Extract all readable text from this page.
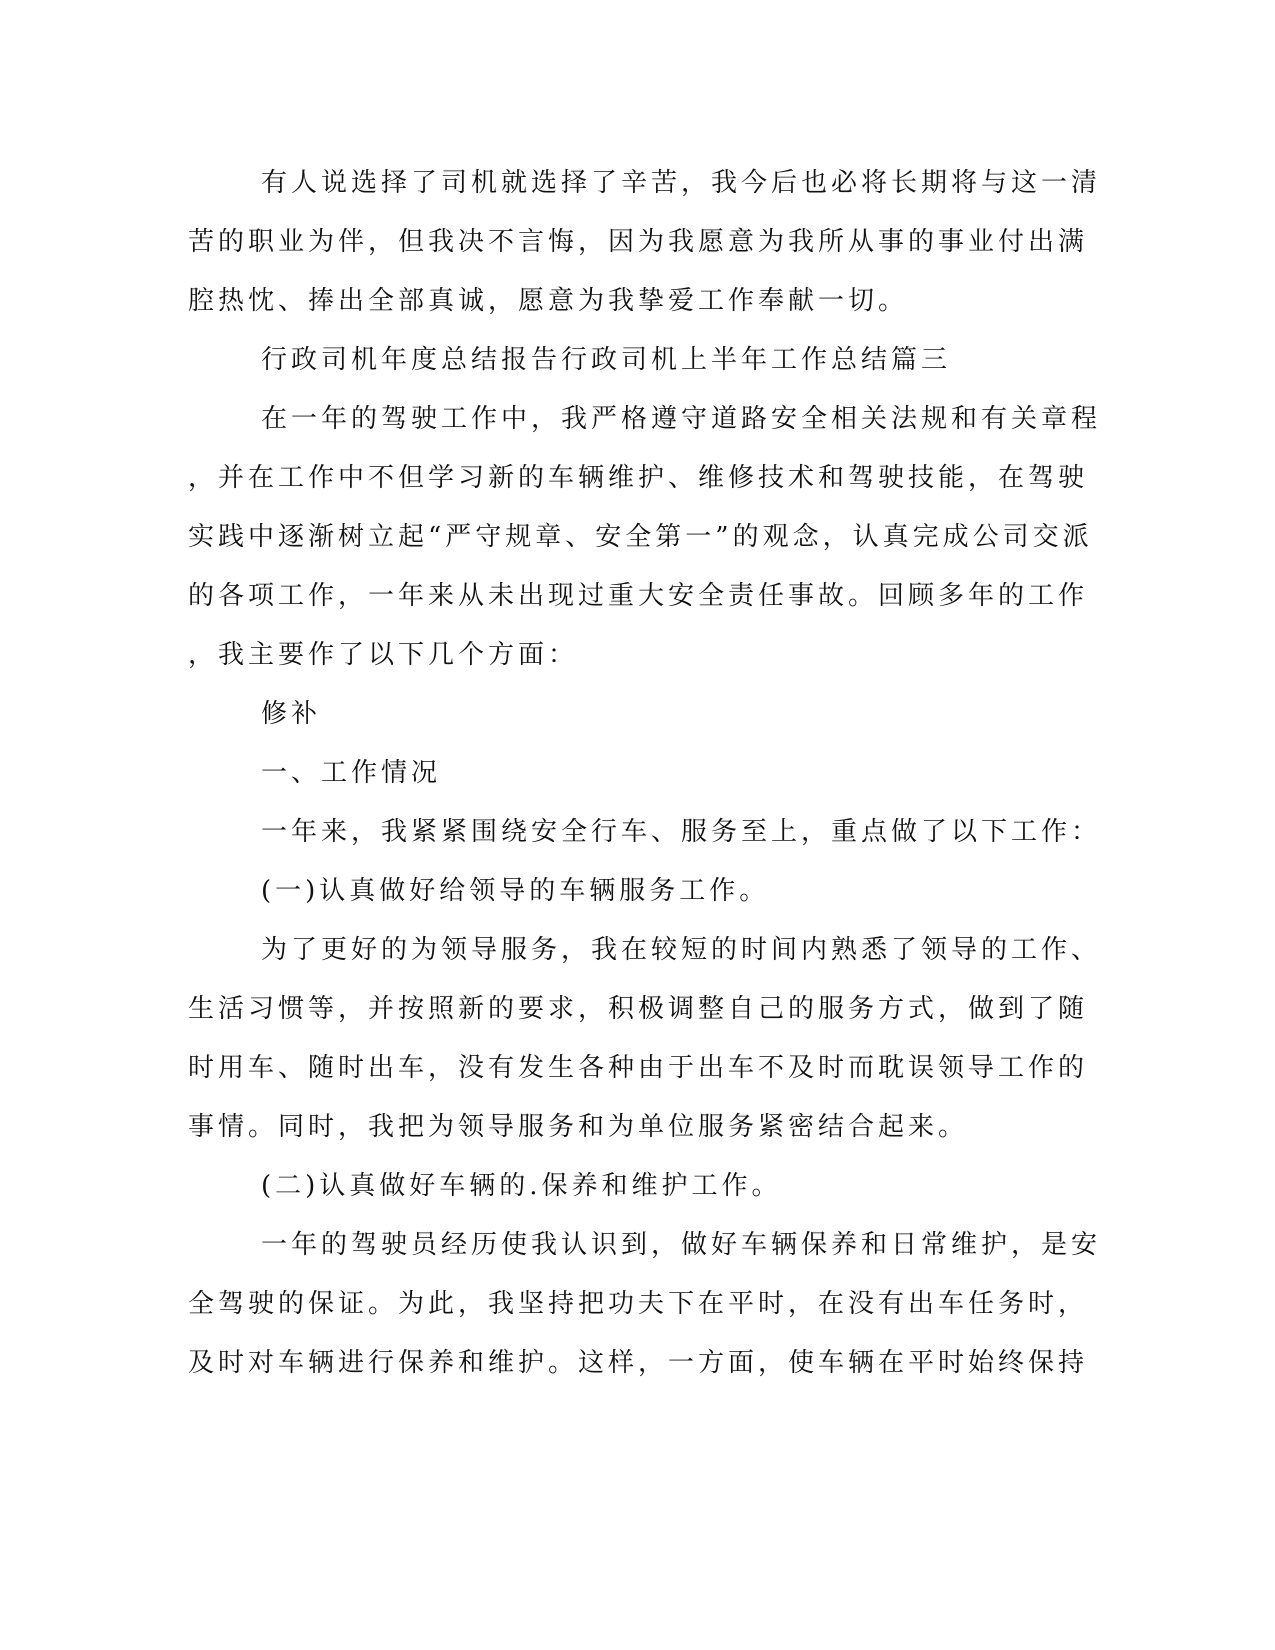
有人说选择了司机就选择了辛苦，我今后也必将长期将与这一清
苦的职业为伴，但我决不言悔，因为我愿意为我所从事的事业付出满
腔热忱、捧出全部真诚，愿意为我挚爱工作奉献一切。
行政司机年度总结报告行政司机上半年工作总结篇三
在一年的驾驶工作中，我严格遵守道路安全相关法规和有关章程
，并在工作中不但学习新的车辆维护、维修技术和驾驶技能，在驾驶
实践中逐渐树立起“严守规章、安全第一”的观念，认真完成公司交派
的各项工作，一年来从未出现过重大安全责任事故。回顾多年的工作
，我主要作了以下几个方面：
修补
一、工作情况
一年来，我紧紧围绕安全行车、服务至上，重点做了以下工作：
(一)认真做好给领导的车辆服务工作。
为了更好的为领导服务，我在较短的时间内熟悉了领导的工作、
生活习惯等，并按照新的要求，积极调整自己的服务方式，做到了随
时用车、随时出车，没有发生各种由于出车不及时而耽误领导工作的
事情。同时，我把为领导服务和为单位服务紧密结合起来。
(二)认真做好车辆的.保养和维护工作。
一年的驾驶员经历使我认识到，做好车辆保养和日常维护，是安
全驾驶的保证。为此，我坚持把功夫下在平时，在没有出车任务时，
及时对车辆进行保养和维护。这样，一方面，使车辆在平时始终保持
